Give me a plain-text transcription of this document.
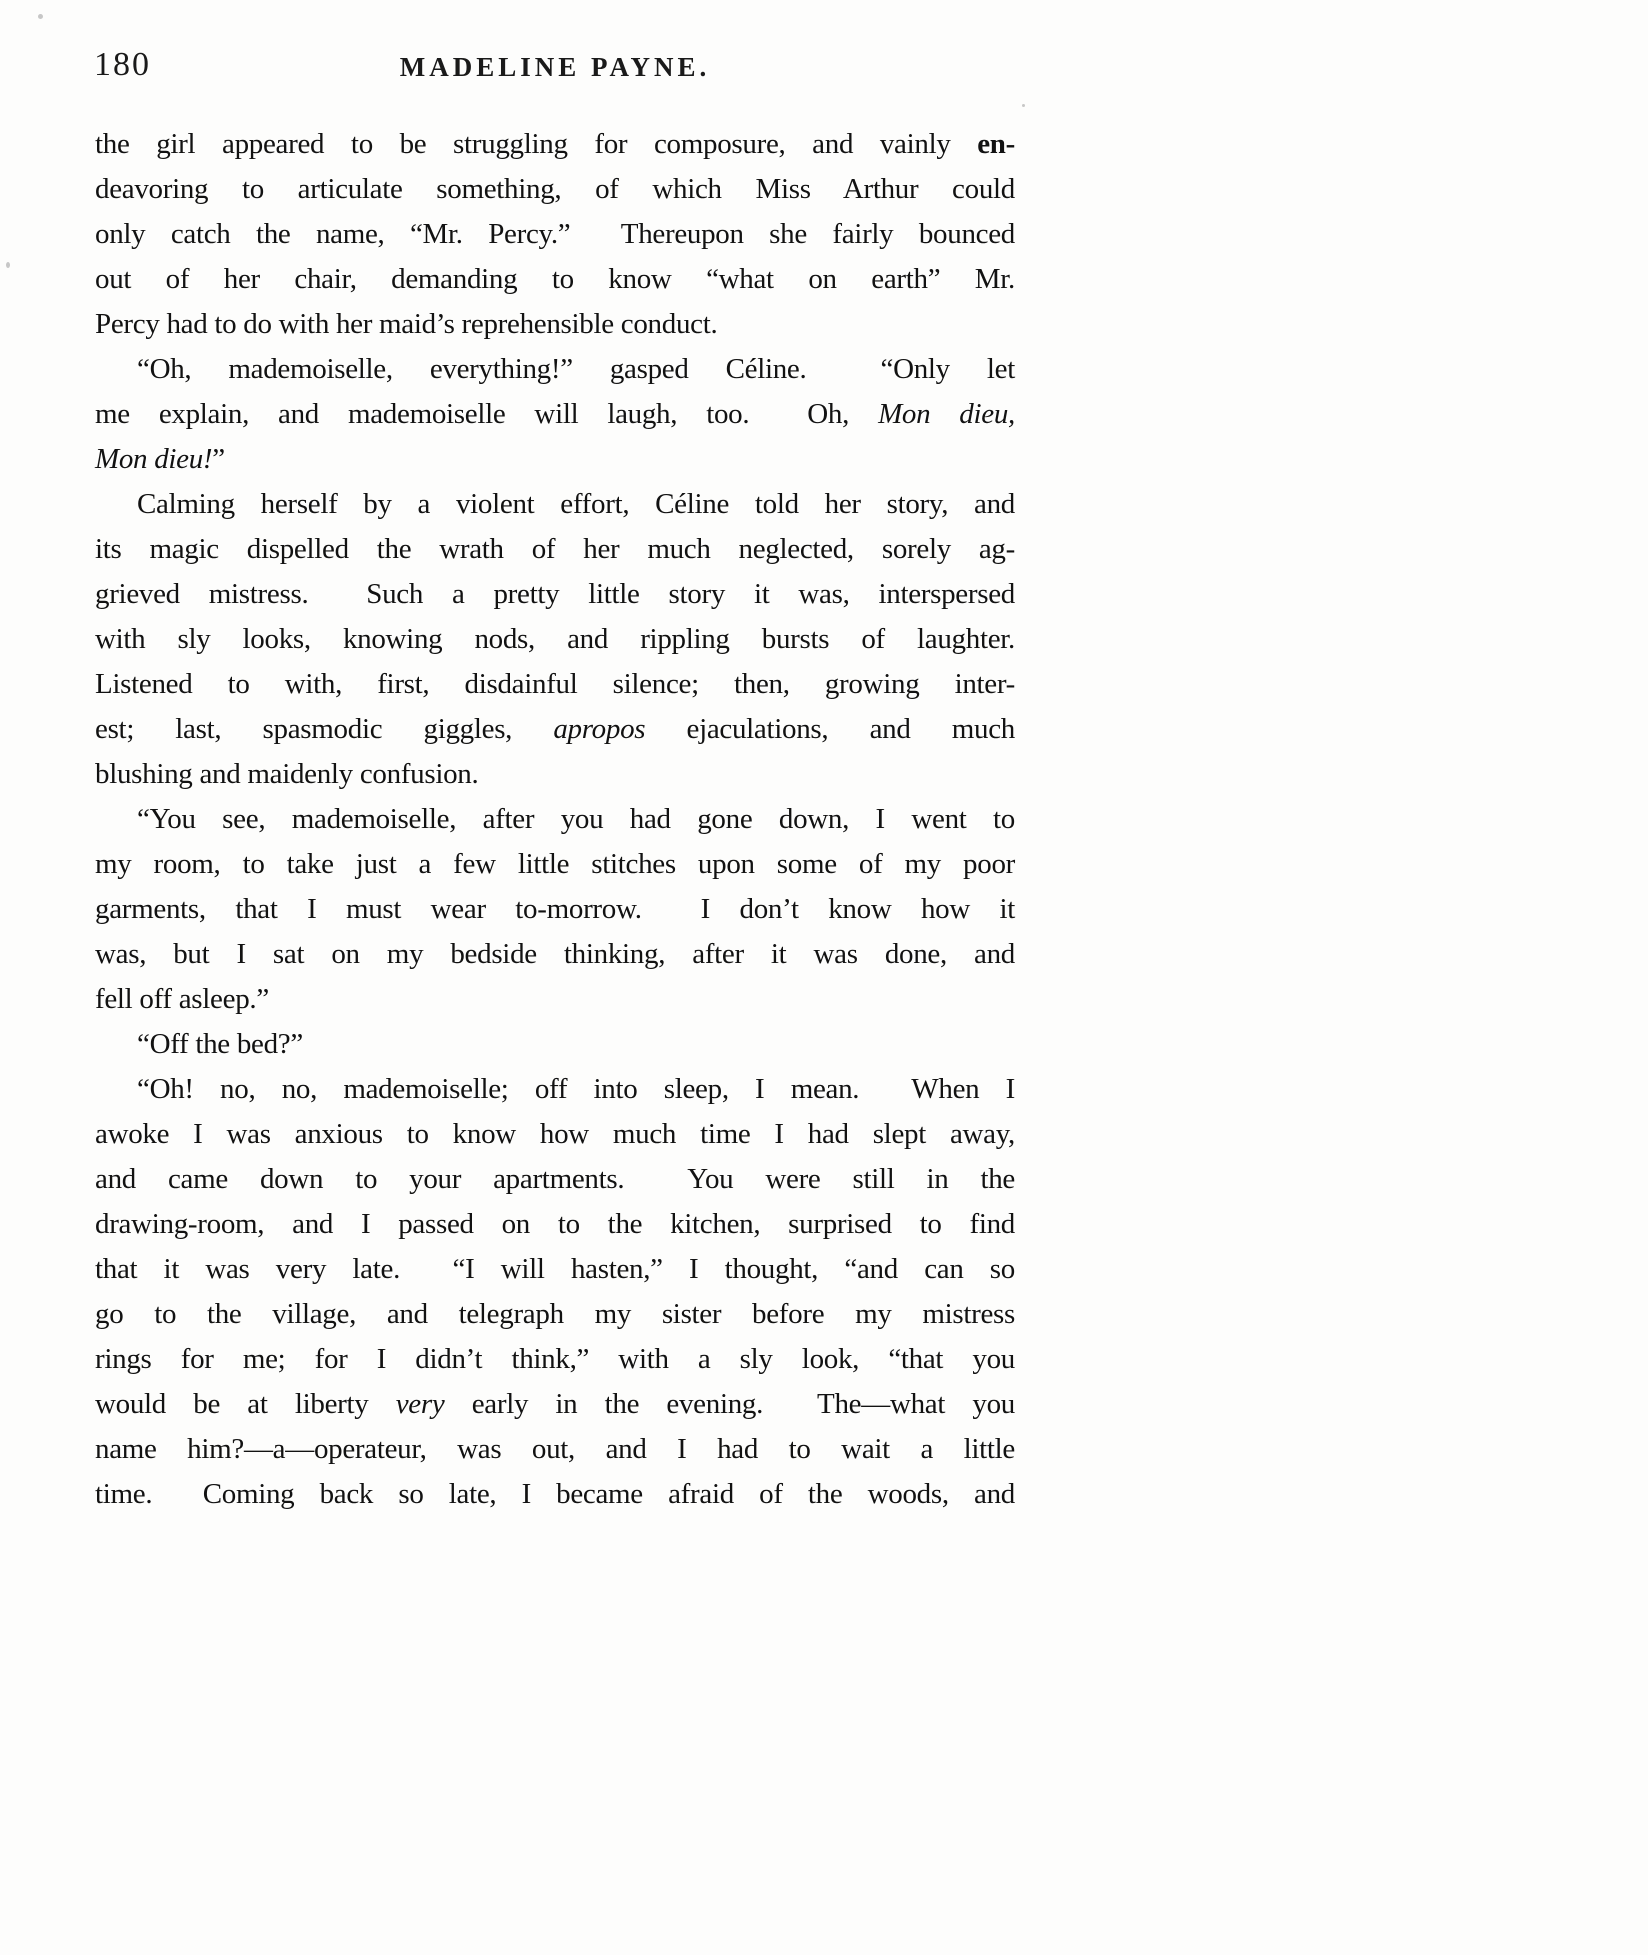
180	MADELINE PAYNE.
the girl appeared to be struggling for composure, and vainly en-
deavoring to articulate something, of which Miss Arthur could
only catch the name, “Mr. Percy.”  Thereupon she fairly bounced
out of her chair, demanding to know “what on earth” Mr.
Percy had to do with her maid’s reprehensible conduct.
“Oh, mademoiselle, everything!” gasped Céline.  “Only let
me explain, and mademoiselle will laugh, too.  Oh, Mon dieu,
Mon dieu!”
Calming herself by a violent effort, Céline told her story, and
its magic dispelled the wrath of her much neglected, sorely ag-
grieved mistress.  Such a pretty little story it was, interspersed
with sly looks, knowing nods, and rippling bursts of laughter.
Listened to with, first, disdainful silence; then, growing inter-
est; last, spasmodic giggles, apropos ejaculations, and much
blushing and maidenly confusion.
“You see, mademoiselle, after you had gone down, I went to
my room, to take just a few little stitches upon some of my poor
garments, that I must wear to-morrow.  I don’t know how it
was, but I sat on my bedside thinking, after it was done, and
fell off asleep.”
“Off the bed?”
“Oh! no, no, mademoiselle; off into sleep, I mean.  When I
awoke I was anxious to know how much time I had slept away,
and came down to your apartments.  You were still in the
drawing-room, and I passed on to the kitchen, surprised to find
that it was very late.  “I will hasten,” I thought, “and can so
go to the village, and telegraph my sister before my mistress
rings for me; for I didn’t think,” with a sly look, “that you
would be at liberty very early in the evening.  The—what you
name him?—a—operateur, was out, and I had to wait a little
time.  Coming back so late, I became afraid of the woods, and
